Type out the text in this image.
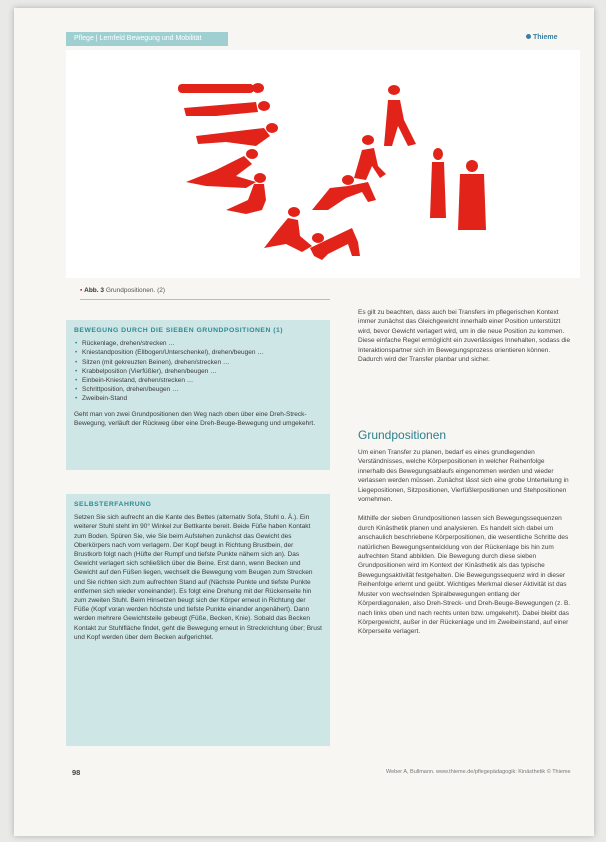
Pflege | Lernfeld Bewegung und Mobilität	Thieme
▪ Abb. 3 Grundpositionen. (2)
BEWEGUNG DURCH DIE SIEBEN GRUNDPOSITIONEN (1)
• Rückenlage, drehen/strecken …
• Kniestandposition (Ellbogen/Unterschenkel), drehen/beugen …
• Sitzen (mit gekreuzten Beinen), drehen/strecken …
• Krabbelposition (Vierfüßler), drehen/beugen …
• Einbein-Kniestand, drehen/strecken …
• Schrittposition, drehen/beugen …
• Zweibein-Stand

Geht man von zwei Grundpositionen den Weg nach oben über eine Dreh-Streck-Bewegung, verläuft der Rückweg über eine Dreh-Beuge-Bewegung und umgekehrt.

SELBSTERFAHRUNG

Setzen Sie sich aufrecht an die Kante des Bettes (alternativ Sofa, Stuhl o. Ä.). Ein weiterer Stuhl steht im 90° Winkel zur Bettkante bereit. Beide Füße haben Kontakt zum Boden. Spüren Sie, wie Sie beim Aufstehen zunächst das Gewicht des Oberkörpers nach vorn verlagern. Der Kopf beugt in Richtung Brustbein, der Brustkorb folgt nach (Hüfte der Rumpf und tiefste Punkte nähern sich an). Das Gewicht verlagert sich schließlich über die Beine. Erst dann, wenn Becken und Gewicht auf den Füßen liegen, wechselt die Bewegung vom Beugen zum Strecken und Sie richten sich zum aufrechten Stand auf (Nächste Punkte und tiefste Punkte entfernen sich wieder voneinander). Es folgt eine Drehung mit der Rückenseite hin zum zweiten Stuhl. Beim Hinsetzen beugt sich der Körper erneut in Richtung der Füße (Kopf voran werden höchste und tiefste Punkte einander angenähert). Dann werden mehrere Gewichtsteile gebeugt (Füße, Becken, Knie). Sobald das Becken Kontakt zur Stuhlfläche findet, geht die Bewegung erneut in Streckrichtung über; Brust und Kopf werden über dem Becken aufgerichtet.

Es gilt zu beachten, dass auch bei Transfers im pflegerischen Kontext immer zunächst das Gleichgewicht innerhalb einer Position unterstützt wird, bevor Gewicht verlagert wird, um in die neue Position zu kommen. Diese einfache Regel ermöglicht ein zuverlässiges Innehalten, sodass die Interaktionspartner sich im Bewegungsprozess orientieren können. Dadurch wird der Transfer planbar und sicher.

Grundpositionen

Um einen Transfer zu planen, bedarf es eines grundlegenden Verständnisses, welche Körperpositionen in welcher Reihenfolge innerhalb des Bewegungsablaufs eingenommen werden und wieder verlassen werden müssen. Zunächst lässt sich eine grobe Unterteilung in Liegepositionen, Sitzpositionen, Vierfüßlerpositionen und Stehpositionen vornehmen.

Mithilfe der sieben Grundpositionen lassen sich Bewegungssequenzen durch Kinästhetik planen und analysieren. Es handelt sich dabei um anschaulich beschriebene Körperpositionen, die wesentliche Schritte des natürlichen Bewegungsentwicklung von der Rückenlage bis hin zum aufrechten Stand abbilden. Die Bewegung durch diese sieben Grundpositionen wird im Kontext der Kinästhetik als das typische Bewegungsaktivität festgehalten. Die Bewegungssequenz wird in dieser Reihenfolge erlernt und geübt. Wichtiges Merkmal dieser Aktivität ist das Muster von wechselnden Spiralbewegungen entlang der Körperdiagonalen, also Dreh-Streck- und Dreh-Beuge-Bewegungen (z. B. nach links oben und nach rechts unten bzw. umgekehrt). Dabei bleibt das Körpergewicht, außer in der Rückenlage und im Zweibeinstand, auf einer Körperseite verlagert.

98	Weber A, Bullmann. www.thieme.de/pflegepädagogik: Kinästhetik © Thieme
